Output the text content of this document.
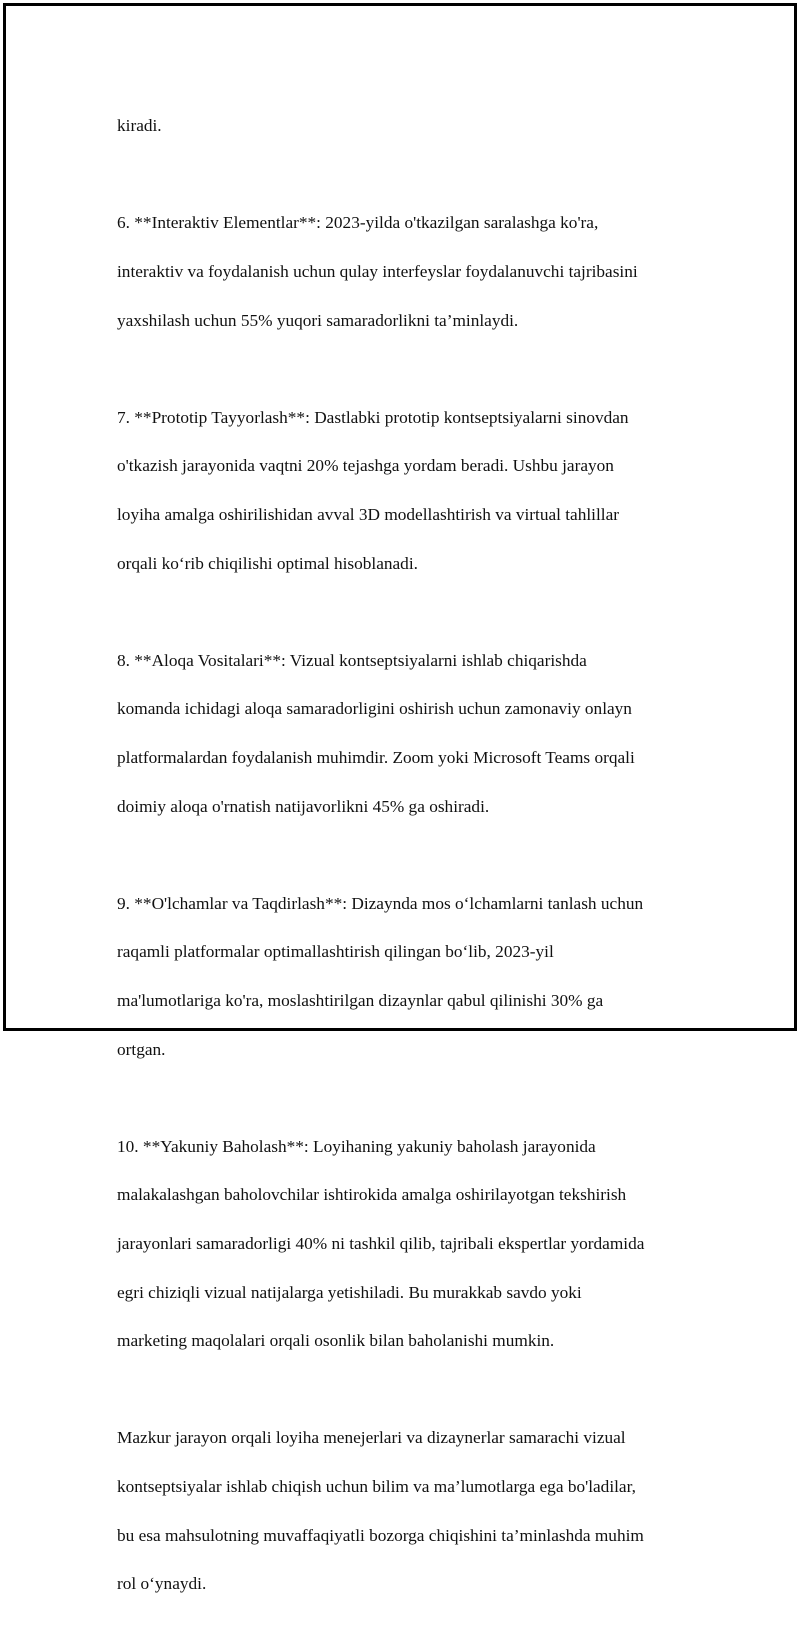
kiradi.

6. **Interaktiv Elementlar**: 2023-yilda o'tkazilgan saralashga ko'ra,

interaktiv va foydalanish uchun qulay interfeyslar foydalanuvchi tajribasini

yaxshilash uchun 55% yuqori samaradorlikni ta’minlaydi.

7. **Prototip Tayyorlash**: Dastlabki prototip kontseptsiyalarni sinovdan

o'tkazish jarayonida vaqtni 20% tejashga yordam beradi. Ushbu jarayon

loyiha amalga oshirilishidan avval 3D modellashtirish va virtual tahlillar

orqali ko‘rib chiqilishi optimal hisoblanadi.

8. **Aloqa Vositalari**: Vizual kontseptsiyalarni ishlab chiqarishda

komanda ichidagi aloqa samaradorligini oshirish uchun zamonaviy onlayn

platformalardan foydalanish muhimdir. Zoom yoki Microsoft Teams orqali

doimiy aloqa o'rnatish natijavorlikni 45% ga oshiradi.

9. **O'lchamlar va Taqdirlash**: Dizaynda mos o‘lchamlarni tanlash uchun

raqamli platformalar optimallashtirish qilingan bo‘lib, 2023-yil

ma'lumotlariga ko'ra, moslashtirilgan dizaynlar qabul qilinishi 30% ga

ortgan.

10. **Yakuniy Baholash**: Loyihaning yakuniy baholash jarayonida

malakalashgan baholovchilar ishtirokida amalga oshirilayotgan tekshirish

jarayonlari samaradorligi 40% ni tashkil qilib, tajribali ekspertlar yordamida

egri chiziqli vizual natijalarga yetishiladi. Bu murakkab savdo yoki

marketing maqolalari orqali osonlik bilan baholanishi mumkin.

Mazkur jarayon orqali loyiha menejerlari va dizaynerlar samarachi vizual

kontseptsiyalar ishlab chiqish uchun bilim va ma’lumotlarga ega bo'ladilar,

bu esa mahsulotning muvaffaqiyatli bozorga chiqishini ta’minlashda muhim

rol o‘ynaydi.
